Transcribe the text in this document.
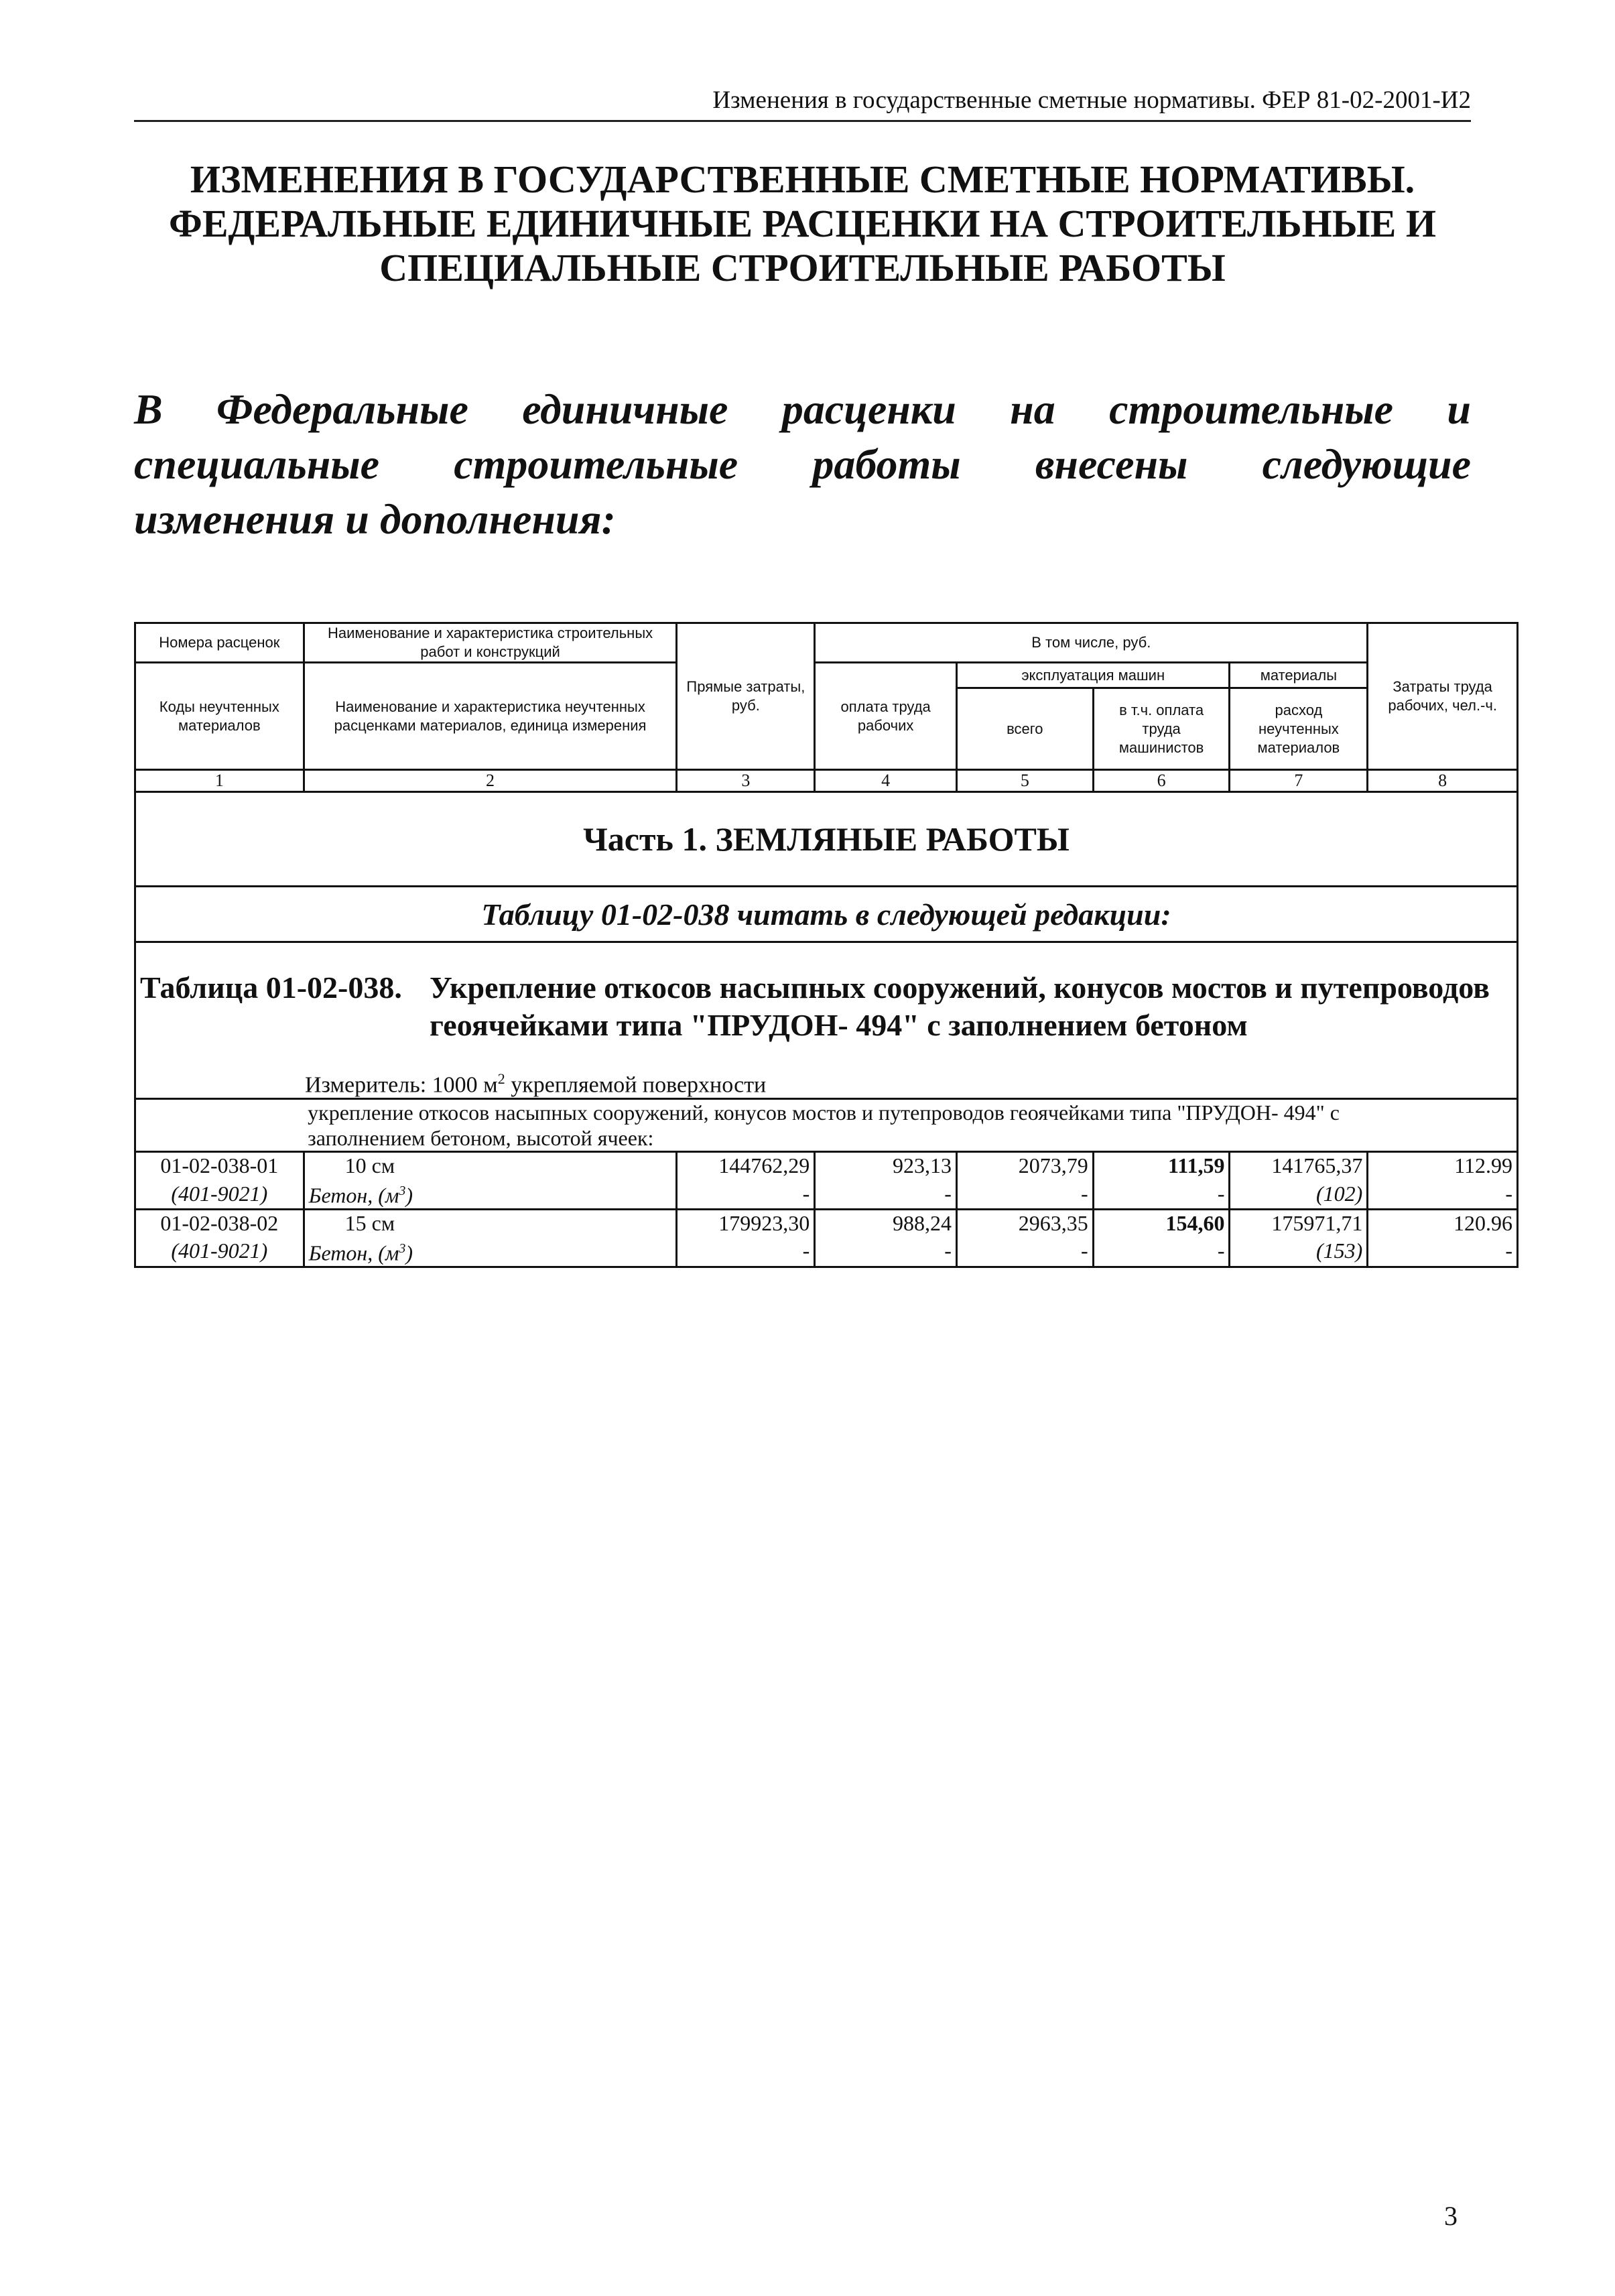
Изменения в государственные сметные нормативы. ФЕР 81-02-2001-И2
ИЗМЕНЕНИЯ В ГОСУДАРСТВЕННЫЕ СМЕТНЫЕ НОРМАТИВЫ.
ФЕДЕРАЛЬНЫЕ ЕДИНИЧНЫЕ РАСЦЕНКИ НА СТРОИТЕЛЬНЫЕ И
СПЕЦИАЛЬНЫЕ СТРОИТЕЛЬНЫЕ РАБОТЫ
В Федеральные единичные расценки на строительные и
специальные строительные работы внесены следующие
изменения и дополнения:
Номера расценок	Наименование и характеристика строительных работ и конструкций	Прямые затраты, руб.	В том числе, руб.				Затраты труда рабочих, чел.-ч.
Коды неучтенных материалов	Наименование и характеристика неучтенных расценками материалов, единица измерения		оплата труда рабочих	эксплуатация машин		материалы	
				всего	в т.ч. оплата труда машинистов	расход неучтенных материалов	
1	2	3	4	5	6	7	8
Часть 1. ЗЕМЛЯНЫЕ РАБОТЫ							
Таблицу 01-02-038 читать в следующей редакции:							

Таблица 01-02-038. Укрепление откосов насыпных сооружений, конусов мостов и путепроводов геоячейками типа "ПРУДОН- 494" с заполнением бетоном							

Измеритель: 1000 $м^2$ укрепляемой поверхности							
	укрепление откосов насыпных сооружений, конусов мостов и путепроводов геоячейками типа "ПРУДОН- 494" с
заполнением бетоном, высотой ячеек:						
01-02-038-01	10 см	144762,29	923,13	2073,79	111,59	141765,37	112.99
(401-9021)	Бетон, $(м^3)$	-	-	-	-	(102)	-
01-02-038-02	15 см	179923,30	988,24	2963,35	154,60	175971,71	120.96
(401-9021)	Бетон, $(м^3)$	-	-	-	-	(153)	-
3
